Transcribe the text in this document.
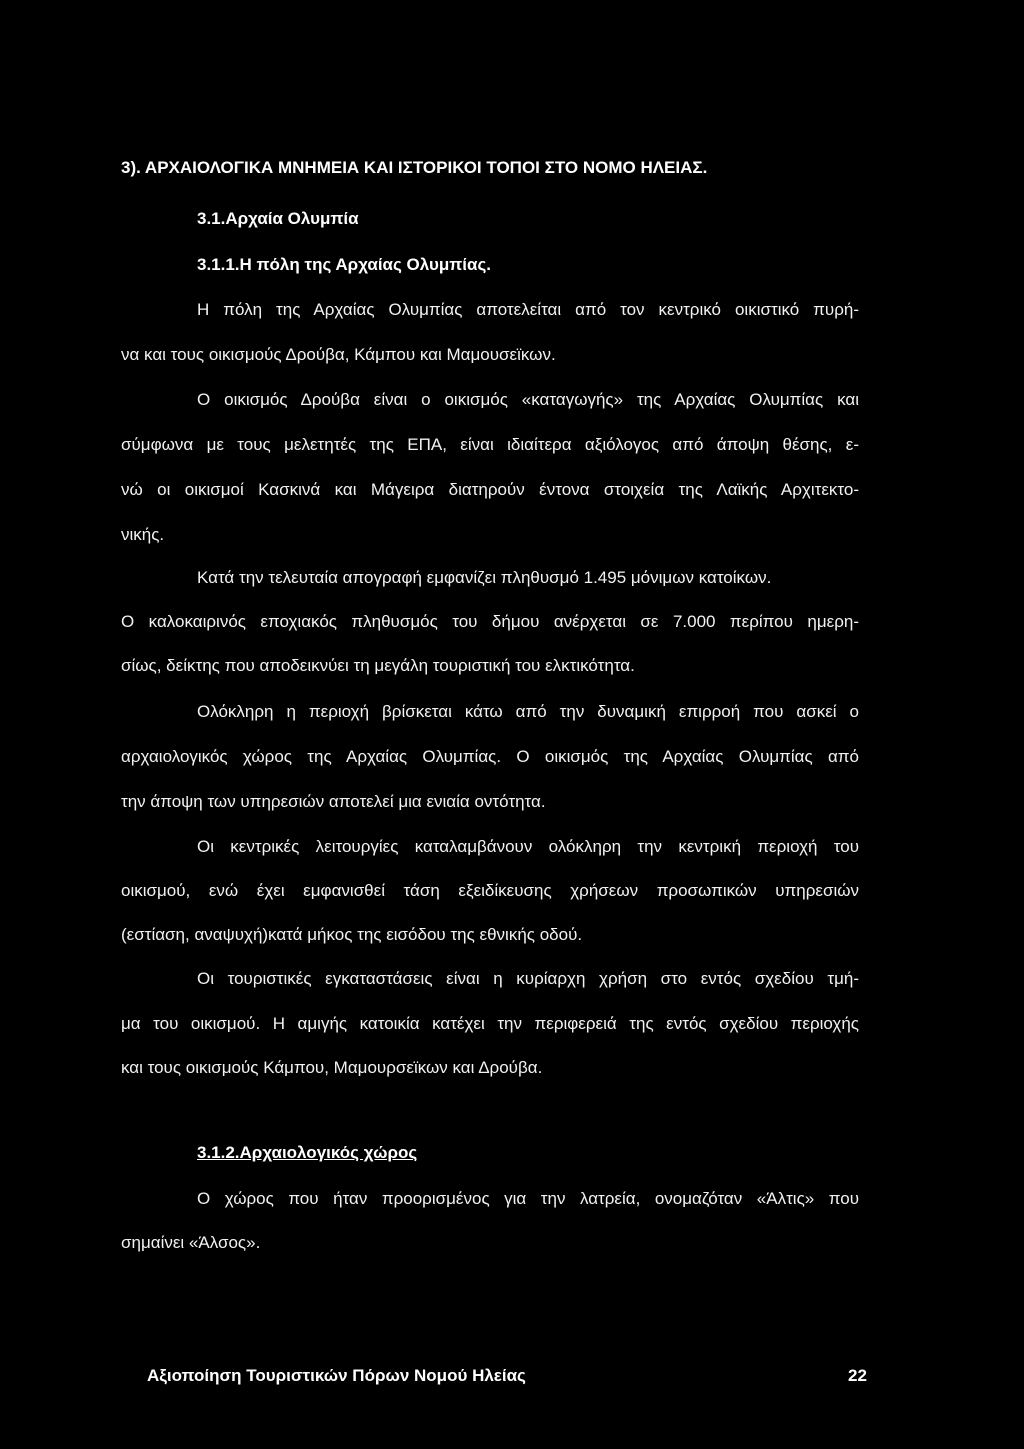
3). ΑΡΧΑΙΟΛΟΓΙΚΑ ΜΝΗΜΕΙΑ ΚΑΙ ΙΣΤΟΡΙΚΟΙ ΤΟΠΟΙ ΣΤΟ ΝΟΜΟ ΗΛΕΙΑΣ.
3.1.Αρχαία Ολυμπία
3.1.1.Η πόλη της Αρχαίας Ολυμπίας.
Η πόλη της Αρχαίας Ολυμπίας αποτελείται από τον κεντρικό οικιστικό πυρή-
να και τους οικισμούς Δρούβα, Κάμπου και Μαμουσεϊκων.
Ο οικισμός Δρούβα είναι ο οικισμός «καταγωγής» της Αρχαίας Ολυμπίας και
σύμφωνα με τους μελετητές της ΕΠΑ, είναι ιδιαίτερα αξιόλογος από άποψη θέσης, ε-
νώ οι οικισμοί Κασκινά και Μάγειρα διατηρούν έντονα στοιχεία της Λαϊκής Αρχιτεκτο-
νικής.
Κατά την τελευταία απογραφή εμφανίζει πληθυσμό 1.495 μόνιμων κατοίκων.
Ο καλοκαιρινός εποχιακός πληθυσμός του δήμου ανέρχεται σε 7.000 περίπου ημερη-
σίως, δείκτης που αποδεικνύει τη μεγάλη τουριστική του ελκτικότητα.
Ολόκληρη η περιοχή βρίσκεται κάτω από την δυναμική επιρροή που ασκεί ο
αρχαιολογικός χώρος της Αρχαίας Ολυμπίας. Ο οικισμός της Αρχαίας Ολυμπίας από
την άποψη των υπηρεσιών αποτελεί μια ενιαία οντότητα.
Οι κεντρικές λειτουργίες καταλαμβάνουν ολόκληρη την κεντρική περιοχή του
οικισμού, ενώ έχει εμφανισθεί τάση εξειδίκευσης χρήσεων προσωπικών υπηρεσιών
(εστίαση, αναψυχή)κατά μήκος της εισόδου της εθνικής οδού.
Οι τουριστικές εγκαταστάσεις είναι η κυρίαρχη χρήση στο εντός σχεδίου τμή-
μα του οικισμού. Η αμιγής κατοικία κατέχει την περιφερειά της εντός σχεδίου περιοχής
και τους οικισμούς Κάμπου, Μαμουρσεϊκων και Δρούβα.
3.1.2.Αρχαιολογικός χώρος
Ο χώρος που ήταν προορισμένος για την λατρεία, ονομαζόταν «Άλτις» που
σημαίνει «Άλσος».
Αξιοποίηση Τουριστικών Πόρων Νομού Ηλείας	22
